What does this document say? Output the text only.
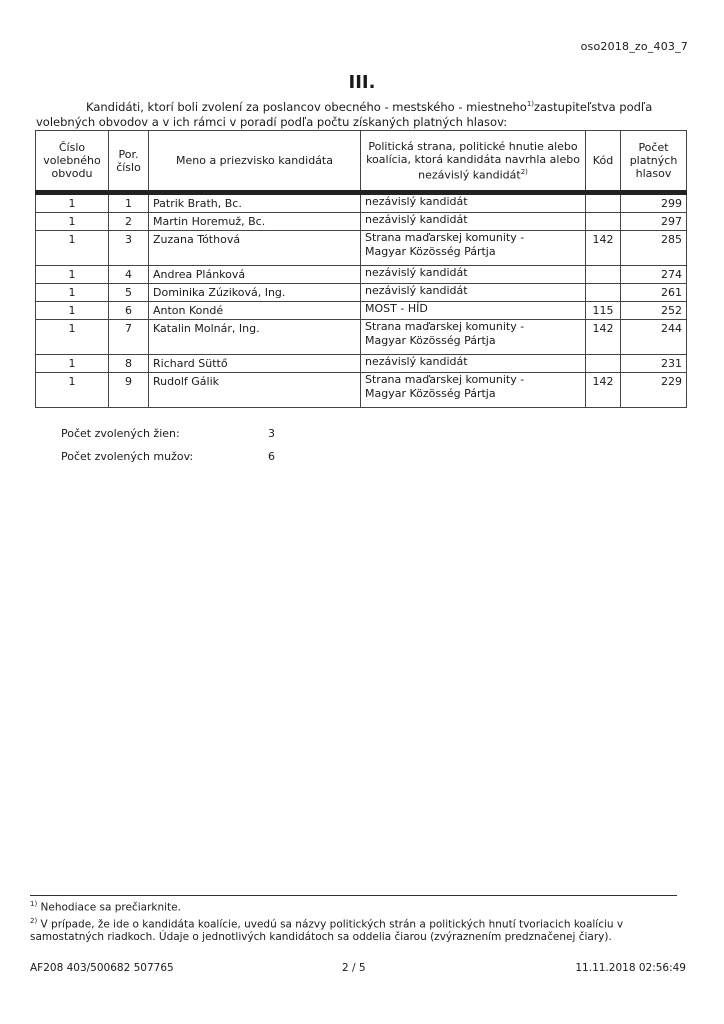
oso2018_zo_403_7
III.
Kandidáti, ktorí boli zvolení za poslancov obecného - mestského - miestneho$^{1)}$zastupiteľstva podľa
volebných obvodov a v ich rámci v poradí podľa počtu získaných platných hlasov:
Číslo volebného obvodu	Por. číslo	Meno a priezvisko kandidáta	Politická strana, politické hnutie alebo koalícia, ktorá kandidáta navrhla alebo nezávislý kandidát$^{2)}$	Kód	Počet platných hlasov
1	1	Patrik Brath, Bc.	nezávislý kandidát		299
1	2	Martin Horemuž, Bc.	nezávislý kandidát		297
1	3	Zuzana Tóthová	Strana maďarskej komunity -
Magyar Közösség Pártja	142	285
1	4	Andrea Plánková	nezávislý kandidát		274
1	5	Dominika Zúziková, Ing.	nezávislý kandidát		261
1	6	Anton Kondé	MOST - HÍD	115	252
1	7	Katalin Molnár, Ing.	Strana maďarskej komunity -
Magyar Közösség Pártja	142	244
1	8	Richard Süttő	nezávislý kandidát		231
1	9	Rudolf Gálik	Strana maďarskej komunity -
Magyar Közösség Pártja	142	229
Počet zvolených žien:	3
Počet zvolených mužov:	6
$^{1)}$ Nehodiace sa prečiarknite.
$^{2)}$ V prípade, že ide o kandidáta koalície, uvedú sa názvy politických strán a politických hnutí tvoriacich koalíciu v samostatných riadkoch. Údaje o jednotlivých kandidátoch sa oddelia čiarou (zvýraznením predznačenej čiary).
AF208 403/500682 507765	2 / 5	11.11.2018 02:56:49
